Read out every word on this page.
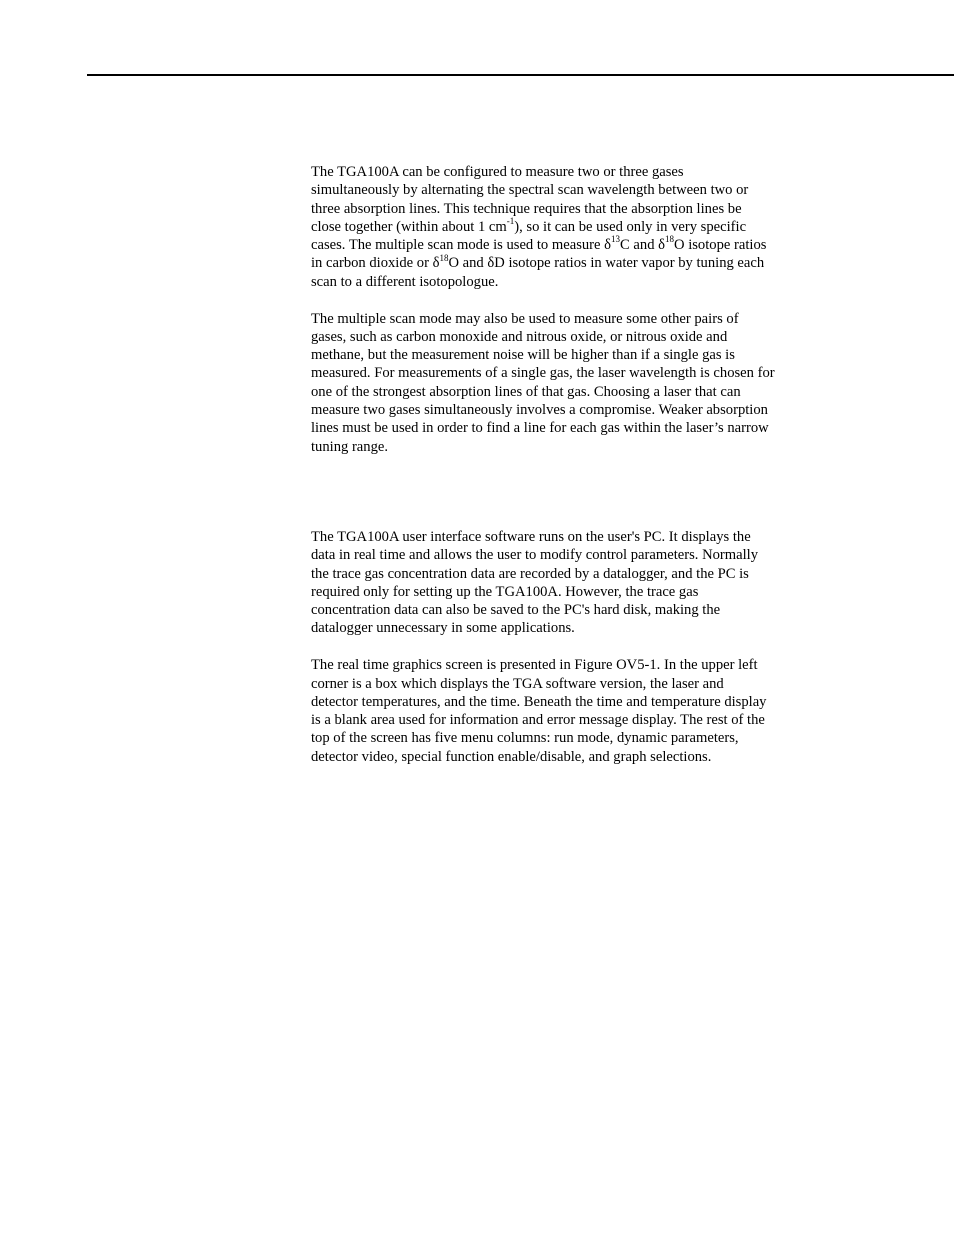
The TGA100A can be configured to measure two or three gases
simultaneously by alternating the spectral scan wavelength between two or
three absorption lines. This technique requires that the absorption lines be
close together (within about 1 $cm^{-1}$), so it can be used only in very specific
cases. The multiple scan mode is used to measure $\delta^{13}C$ and $\delta^{18}O$ isotope ratios
in carbon dioxide or $\delta^{18}O$ and δD isotope ratios in water vapor by tuning each
scan to a different isotopologue.

The multiple scan mode may also be used to measure some other pairs of
gases, such as carbon monoxide and nitrous oxide, or nitrous oxide and
methane, but the measurement noise will be higher than if a single gas is
measured. For measurements of a single gas, the laser wavelength is chosen for
one of the strongest absorption lines of that gas. Choosing a laser that can
measure two gases simultaneously involves a compromise. Weaker absorption
lines must be used in order to find a line for each gas within the laser’s narrow
tuning range.

The TGA100A user interface software runs on the user's PC. It displays the
data in real time and allows the user to modify control parameters. Normally
the trace gas concentration data are recorded by a datalogger, and the PC is
required only for setting up the TGA100A. However, the trace gas
concentration data can also be saved to the PC's hard disk, making the
datalogger unnecessary in some applications.

The real time graphics screen is presented in Figure OV5-1. In the upper left
corner is a box which displays the TGA software version, the laser and
detector temperatures, and the time. Beneath the time and temperature display
is a blank area used for information and error message display. The rest of the
top of the screen has five menu columns: run mode, dynamic parameters,
detector video, special function enable/disable, and graph selections.
